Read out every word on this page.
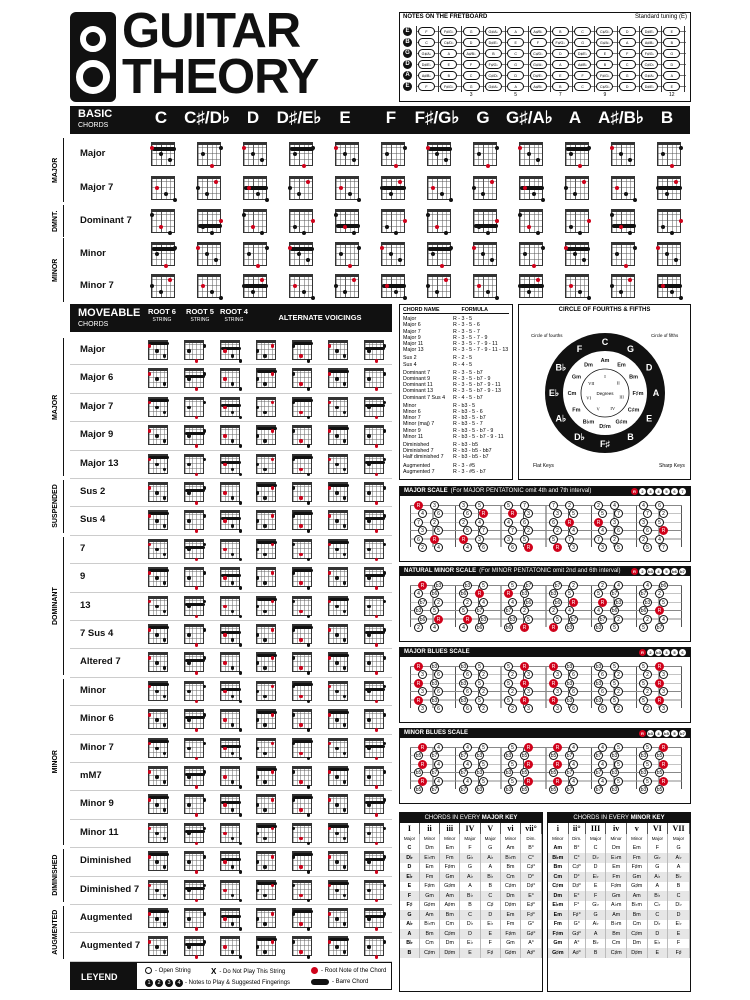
GUITAR
THEORY
NOTES ON THE FRETBOARD	Standard tuning (E)
E	F	F♯/G♭	G	G♯/A♭	A	A♯/B♭	B	C	C♯/D♭	D	D♯/E♭	E
B	C	C♯/D♭	D	D♯/E♭	E	F	F♯/G♭	G	G♯/A♭	A	A♯/B♭	B
G	G♯/A♭	A	A♯/B♭	B	C	C♯/D♭	D	D♯/E♭	E	F	F♯/G♭	G
D	D♯/E♭	E	F	F♯/G♭	G	G♯/A♭	A	A♯/B♭	B	C	C♯/D♭	D
A	A♯/B♭	B	C	C♯/D♭	D	D♯/E♭	E	F	F♯/G♭	G	G♯/A♭	A
E	F	F♯/G♭	G	G♯/A♭	A	A♯/B♭	B	C	C♯/D♭	D	D♯/E♭	E
3	5	7	9	12
BASIC
CHORDS	C C♯/D♭ D	D♯/E♭	E	F	F♯/G♭ G G♯/A♭ A A♯/B♭ B
Major
Major 7
Dominant 7
Minor
Minor 7
MAJOR
DMNT.
MINOR
MOVEABLE
CHORDS
ROOT 6
STRING
ROOT 5
STRING
ROOT 4
STRING	ALTERNATE VOICINGS
Major
Major 6
Major 7
Major 9
Major 13
Sus 2
Sus 4
7
9
13
7 Sus 4
Altered 7
Minor
Minor 6
Minor 7
mM7
Minor 9
Minor 11
Diminished
Diminished 7
Augmented
Augmented 7
MAJOR
SUSPENDED
DOMINANT
MINOR
DIMINISHED
AUGMENTED
CHORD NAME	FORMULA
Major	R - 3 - 5
Major 6	R - 3 - 5 - 6
Major 7	R - 3 - 5 - 7
Major 9	R - 3 - 5 - 7 - 9
Major 11	R - 3 - 5 - 7 - 9 - 11
Major 13	R - 3 - 5 - 7 - 9 - 11 - 13
Sus 2	R - 2 - 5
Sus 4	R - 4 - 5
Dominant 7	R - 3 - 5 - b7
Dominant 9	R - 3 - 5 - b7 - 9
Dominant 11	R - 3 - 5 - b7 - 9 - 11
Dominant 13	R - 3 - 5 - b7 - 9 - 13
Dominant 7 Sus 4	R - 4 - 5 - b7
Minor	R - b3 - 5
Minor 6	R - b3 - 5 - 6
Minor 7	R - b3 - 5 - b7
Minor (maj) 7	R - b3 - 5 - 7
Minor 9	R - b3 - 5 - b7 - 9
Minor 11	R - b3 - 5 - b7 - 9 - 11
Diminished	R - b3 - b5
Diminished 7	R - b3 - b5 - bb7
Half diminished 7	R - b3 - b5 - b7
Augmented	R - 3 - #5
Augmented 7	R - 3 - #5 - b7
CIRCLE OF FOURTHS & FIFTHS
C
G
D
A
E
B
F♯
D♭
A♭
E♭
B♭
F
Am
Em
Bm
F♯m
C♯m
G♯m
D♯m
B♭m
Fm
Cm
Gm
Dm
I
II
III
IV
V
VI
VII
Degrees
Flat Keys	Sharp Keys
Circle of fourths	Circle of fifths
MAJOR SCALE (For MAJOR PENTATONIC omit 4th and 7th interval)	R	2	3	4	5	6	7
R	3
4	6
7	2
3	5
6	R
2	4
3	5
6	R
2	4
5	7
R	3
4	6
5	7
R	3
4	6
7	2
3	5
6	R
7	2
3	5
6	R
2	4
5	7
R	3
2	4
5	7
R	3
4	6
7	2
3	5
4	6
7	2
3	5
6	R
2	4
5	7
NATURAL MINOR SCALE (For MINOR PENTATONIC omit 2nd and 6th interval)	R	2	b3	4	5	b6 b7
R	b3
4	b6
b7	2
b3	5
b6	R
2	4
b3	5
b6	R
2	4
5	b7
R	b3
4	b6
5	b7
R	b3
4	b6
b7	2
b3	5
b6	R
b7	2
b3	5
b6	R
2	4
5	b7
R	b3
2	4
5	b7
R	b3
4	b6
b7	2
b3	5
4	b6
b7	2
b3	5
b6	R
2	4
5	b7
MAJOR BLUES SCALE	R	2	b3	3	5	6
R	b3
3	6
R	b3
3	6
R	b3
3	6
b3	5
6	2
b3	5
6	2
b3	5
6	2
5	R
2	3
5	R
2	3
5	R
2	3
R	b3
3	6
R	b3
3	6
R	b3
3	6
b3	5
6	2
b3	5
6	2
b3	5
6	2
5	R
2	3
5	R
2	3
5	R
2	3
MINOR BLUES SCALE	R	b3	4	b5	5	b7
R	4
b5	b7
R	4
b5	b7
R	4
b5	b7
4	5
b7	b3
4	5
b7	b3
4	5
b7	b3
5	R
b3	b5
5	R
b3	b5
5	R
b3	b5
R	4
b5	b7
R	4
b5	b7
R	4
b5	b7
4	5
b7	b3
4	5
b7	b3
4	5
b7	b3
5	R
b3	b5
5	R
b3	b5
5	R
b3	b5
CHORDS IN EVERY MAJOR KEY
I	ii	iii	IV	V	vi	vii°
Major	Minor	Minor	Major	Major	Minor	Dim.
C	Dm	Em	F	G	Am	B°
D♭	E♭m	Fm	G♭	A♭	B♭m	C°
D	Em	F♯m	G	A	Bm	C♯°
E♭	Fm	Gm	A♭	B♭	Cm	D°
E	F♯m	G♯m	A	B	C♯m	D♯°
F	Gm	Am	B♭	C	Dm	E°
F♯	G♯m	A♯m	B	C♯	D♯m	E♯°
G	Am	Bm	C	D	Em	F♯°
A♭	B♭m	Cm	D♭	E♭	Fm	G°
A	Bm	C♯m	D	E	F♯m	G♯°
B♭	Cm	Dm	E♭	F	Gm	A°
B	C♯m	D♯m	E	F♯	G♯m	A♯°
CHORDS IN EVERY MINOR KEY
i	ii°	III	iv	v	VI	VII
Minor	Dim.	Major	Minor	Minor	Major	Major
Am	B°	C	Dm	Em	F	G
B♭m	C°	D♭	E♭m	Fm	G♭	A♭
Bm	C♯°	D	Em	F♯m	G	A
Cm	D°	E♭	Fm	Gm	A♭	B♭
C♯m	D♯°	E	F♯m	G♯m	A	B
Dm	E°	F	Gm	Am	B♭	C
E♭m	F°	G♭	A♭m	B♭m	C♭	D♭
Em	F♯°	G	Am	Bm	C	D
Fm	G°	A♭	B♭m	Cm	D♭	E♭
F♯m	G♯°	A	Bm	C♯m	D	E
Gm	A°	B♭	Cm	Dm	E♭	F
G♯m	A♯°	B	C♯m	D♯m	E	F♯
LEYEND
- Open String	X - Do Not Play This String	- Root Note of the Chord
1	2	3	4 - Notes to Play & Suggested Fingerings	- Barre Chord
